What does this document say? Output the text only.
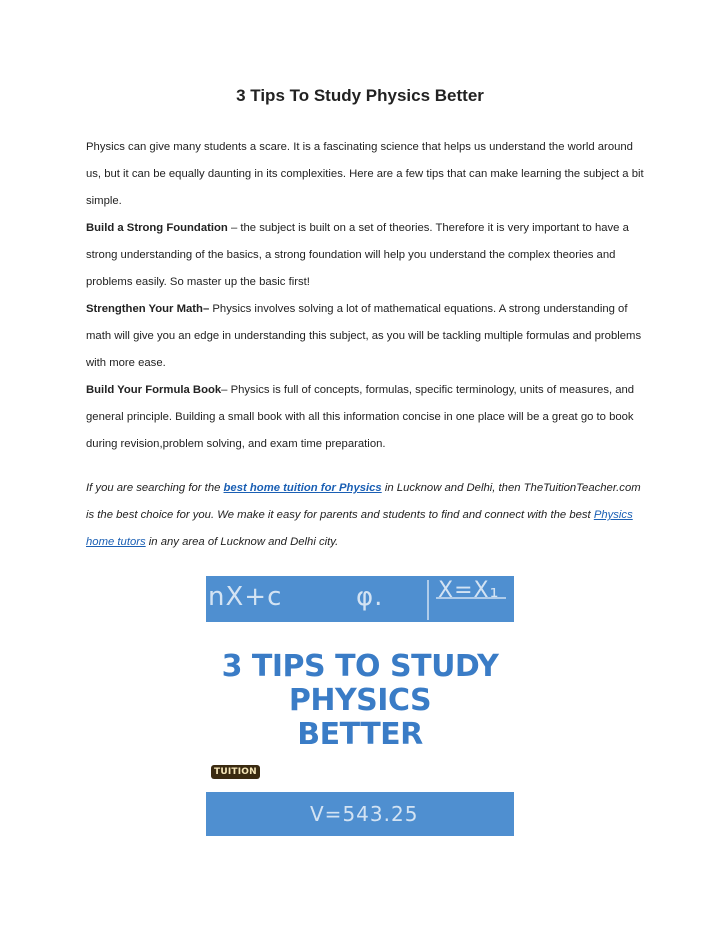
3 Tips To Study Physics Better

Physics can give many students a scare. It is a fascinating science that helps us understand the world around us, but it can be equally daunting in its complexities. Here are a few tips that can make learning the subject a bit simple.

Build a Strong Foundation – the subject is built on a set of theories. Therefore it is very important to have a strong understanding of the basics, a strong foundation will help you understand the complex theories and problems easily. So master up the basic first!

Strengthen Your Math– Physics involves solving a lot of mathematical equations. A strong understanding of math will give you an edge in understanding this subject, as you will be tackling multiple formulas and problems with more ease.

Build Your Formula Book– Physics is full of concepts, formulas, specific terminology, units of measures, and general principle. Building a small book with all this information concise in one place will be a great go to book during revision,problem solving, and exam time preparation.

If you are searching for the best home tuition for Physics in Lucknow and Delhi, then TheTuitionTeacher.com is the best choice for you. We make it easy for parents and students to find and connect with the best Physics home tutors in any area of Lucknow and Delhi city.

nX+c	φ. X=X₁
3 TIPS TO STUDY
PHYSICS
BETTER
TUITION
V=543.25
